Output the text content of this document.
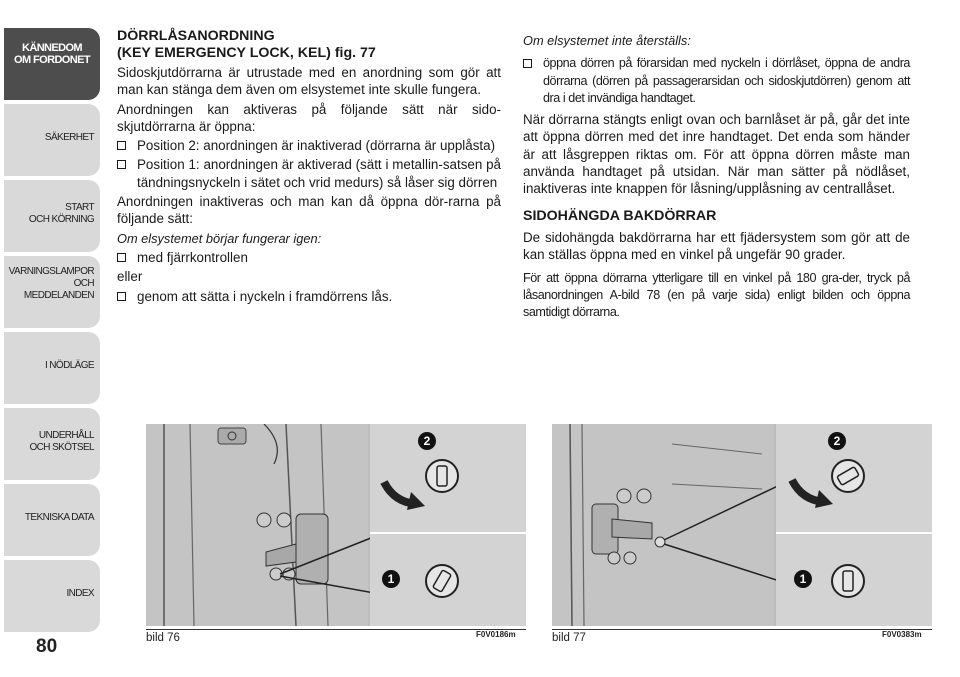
KÄNNEDOM
OM FORDONET
SÄKERHET
START
OCH KÖRNING
VARNINGSLAMPOR
OCH
MEDDELANDEN
I NÖDLÄGE
UNDERHÅLL
OCH SKÖTSEL
TEKNISKA DATA
INDEX
80
DÖRRLÅSANORDNING
(KEY EMERGENCY LOCK, KEL) fig. 77

Sidoskjutdörrarna är utrustade med en anordning som gör att man kan stänga dem även om elsystemet inte skulle fungera.

Anordningen kan aktiveras på följande sätt när sido-skjutdörrarna är öppna:

Position 2: anordningen är inaktiverad (dörrarna är upplåsta)
Position 1: anordningen är aktiverad (sätt i metallin-satsen på tändningsnyckeln i sätet och vrid medurs) så låser sig dörren

Anordningen inaktiveras och man kan då öppna dör-rarna på följande sätt:

Om elsystemet börjar fungerar igen:

med fjärrkontrollen

eller

genom att sätta i nyckeln i framdörrens lås.

Om elsystemet inte återställs:

öppna dörren på förarsidan med nyckeln i dörrlåset, öppna de andra dörrarna (dörren på passagerarsidan och sidoskjutdörren) genom att dra i det invändiga handtaget.

När dörrarna stängts enligt ovan och barnlåset är på, går det inte att öppna dörren med det inre handtaget. Det enda som händer är att låsgreppen riktas om. För att öppna dörren måste man använda handtaget på utsidan. När man sätter på nödlåset, inaktiveras inte knappen för låsning/upplåsning av centrallåset.

SIDOHÄNGDA BAKDÖRRAR

De sidohängda bakdörrarna har ett fjädersystem som gör att de kan ställas öppna med en vinkel på ungefär 90 grader.

För att öppna dörrarna ytterligare till en vinkel på 180 gra-der, tryck på låsanordningen A-bild 78 (en på varje sida) enligt bilden och öppna samtidigt dörrarna.

2
1
bild 76	F0V0186m
2
1
bild 77	F0V0383m
